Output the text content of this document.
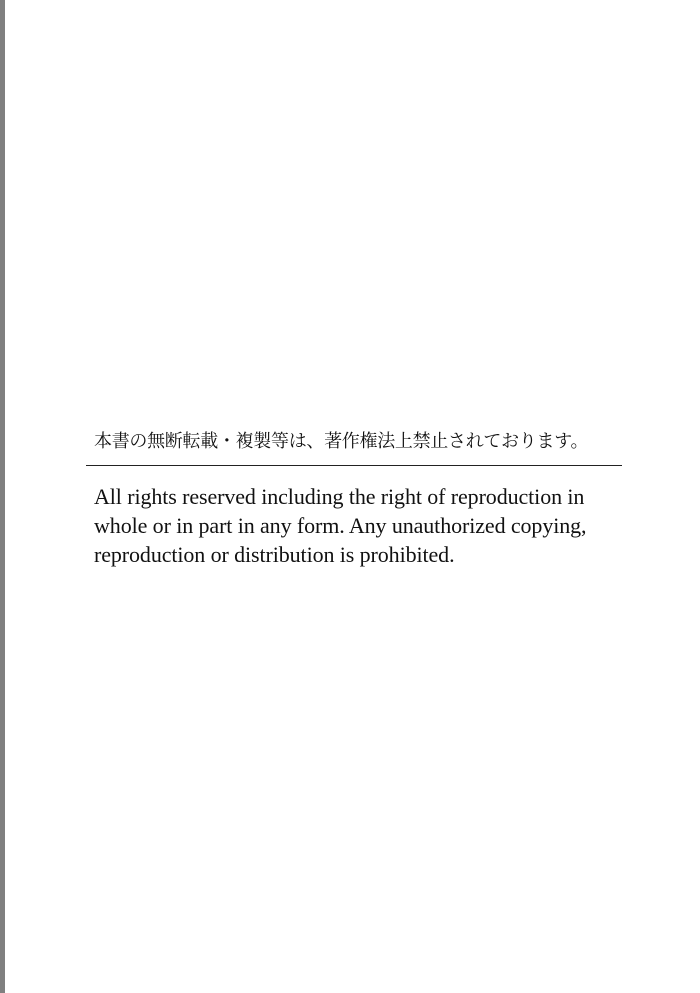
本書の無断転載・複製等は、著作権法上禁止されております。
All rights reserved including the right of reproduction in
whole or in part in any form. Any unauthorized copying,
reproduction or distribution is prohibited.
